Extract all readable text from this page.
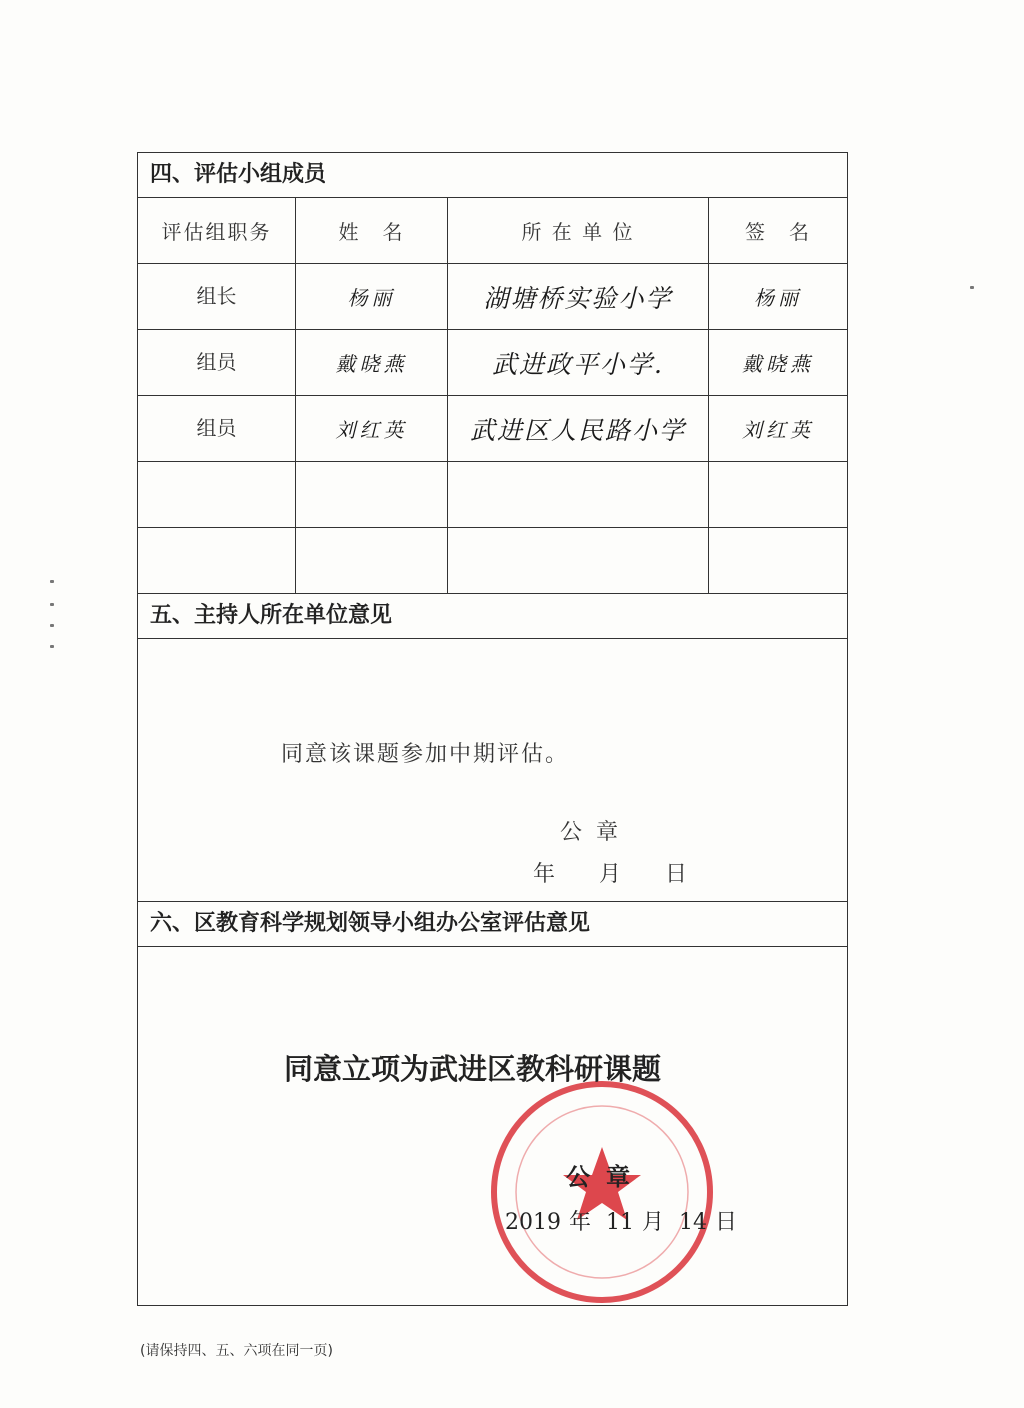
四、评估小组成员
评估组职务	姓　名	所 在 单 位	签　名
组长	杨丽	湖塘桥实验小学	杨丽
组员	戴晓燕	武进政平小学.	戴晓燕
组员	刘红英	武进区人民路小学	刘红英
五、主持人所在单位意见
同意该课题参加中期评估。
公章
年 月 日
六、区教育科学规划领导小组办公室评估意见
同意立项为武进区教科研课题
公章
2019 年 11 月 14 日
(请保持四、五、六项在同一页)
